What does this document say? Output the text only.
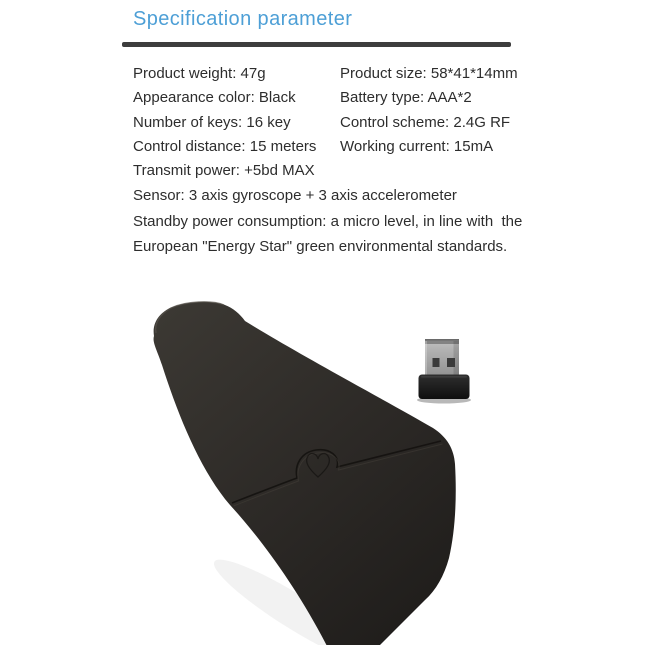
Specification parameter
Product weight: 47g	Product size: 58*41*14mm
Appearance color: Black	Battery type: AAA*2
Number of keys: 16 key	Control scheme: 2.4G RF
Control distance: 15 meters	Working current: 15mA
Transmit power: +5bd MAX
Sensor: 3 axis gyroscope + 3 axis accelerometer
Standby power consumption: a micro level, in line with  the
European "Energy Star" green environmental standards.
